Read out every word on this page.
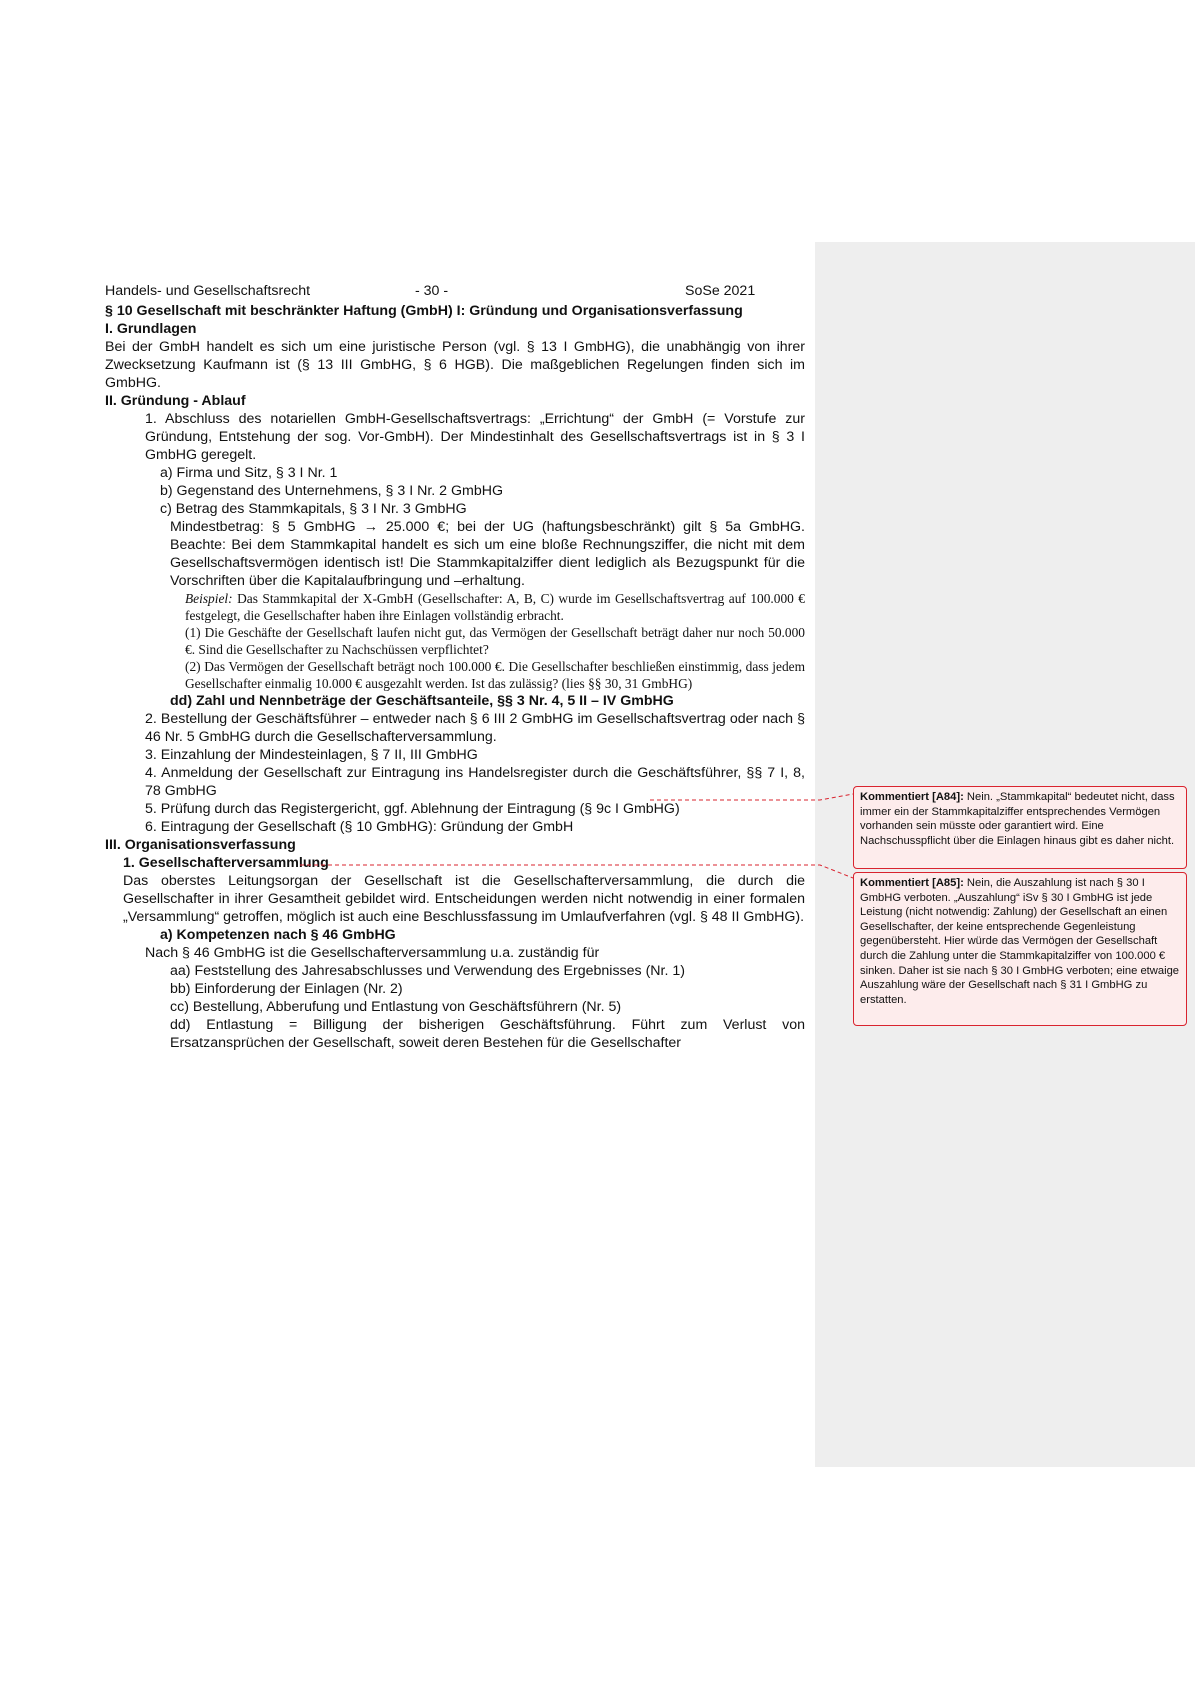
Handels- und Gesellschaftsrecht	- 30 -	SoSe 2021

§ 10 Gesellschaft mit beschränkter Haftung (GmbH) I: Gründung und Organisationsverfassung

I. Grundlagen

Bei der GmbH handelt es sich um eine juristische Person (vgl. § 13 I GmbHG), die unabhängig von ihrer Zwecksetzung Kaufmann ist (§ 13 III GmbHG, § 6 HGB). Die maßgeblichen Regelungen finden sich im GmbHG.

II. Gründung - Ablauf

1. Abschluss des notariellen GmbH-Gesellschaftsvertrags: „Errichtung“ der GmbH (= Vorstufe zur Gründung, Entstehung der sog. Vor-GmbH). Der Mindestinhalt des Gesellschaftsvertrags ist in § 3 I GmbHG geregelt.

a) Firma und Sitz, § 3 I Nr. 1

b) Gegenstand des Unternehmens, § 3 I Nr. 2 GmbHG

c) Betrag des Stammkapitals, § 3 I Nr. 3 GmbHG

Mindestbetrag: § 5 GmbHG → 25.000 €; bei der UG (haftungsbeschränkt) gilt § 5a GmbHG. Beachte: Bei dem Stammkapital handelt es sich um eine bloße Rechnungsziffer, die nicht mit dem Gesellschaftsvermögen identisch ist! Die Stammkapitalziffer dient lediglich als Bezugspunkt für die Vorschriften über die Kapitalaufbringung und –erhaltung.

Beispiel: Das Stammkapital der X-GmbH (Gesellschafter: A, B, C) wurde im Gesellschaftsvertrag auf 100.000 € festgelegt, die Gesellschafter haben ihre Einlagen vollständig erbracht.

(1) Die Geschäfte der Gesellschaft laufen nicht gut, das Vermögen der Gesellschaft beträgt daher nur noch 50.000 €. Sind die Gesellschafter zu Nachschüssen verpflichtet?

(2) Das Vermögen der Gesellschaft beträgt noch 100.000 €. Die Gesellschafter beschließen einstimmig, dass jedem Gesellschafter einmalig 10.000 € ausgezahlt werden. Ist das zulässig? (lies §§ 30, 31 GmbHG)

dd) Zahl und Nennbeträge der Geschäftsanteile, §§ 3 Nr. 4, 5 II – IV GmbHG

2. Bestellung der Geschäftsführer – entweder nach § 6 III 2 GmbHG im Gesellschaftsvertrag oder nach § 46 Nr. 5 GmbHG durch die Gesellschafterversammlung.

3. Einzahlung der Mindesteinlagen, § 7 II, III GmbHG

4. Anmeldung der Gesellschaft zur Eintragung ins Handelsregister durch die Geschäftsführer, §§ 7 I, 8, 78 GmbHG

5. Prüfung durch das Registergericht, ggf. Ablehnung der Eintragung (§ 9c I GmbHG)

6. Eintragung der Gesellschaft (§ 10 GmbHG): Gründung der GmbH

III. Organisationsverfassung

1. Gesellschafterversammlung

Das oberstes Leitungsorgan der Gesellschaft ist die Gesellschafterversammlung, die durch die Gesellschafter in ihrer Gesamtheit gebildet wird. Entscheidungen werden nicht notwendig in einer formalen „Versammlung“ getroffen, möglich ist auch eine Beschlussfassung im Umlaufverfahren (vgl. § 48 II GmbHG).

a) Kompetenzen nach § 46 GmbHG

Nach § 46 GmbHG ist die Gesellschafterversammlung u.a. zuständig für

aa) Feststellung des Jahresabschlusses und Verwendung des Ergebnisses (Nr. 1)

bb) Einforderung der Einlagen (Nr. 2)

cc) Bestellung, Abberufung und Entlastung von Geschäftsführern (Nr. 5)

dd) Entlastung = Billigung der bisherigen Geschäftsführung. Führt zum Verlust von Ersatzansprüchen der Gesellschaft, soweit deren Bestehen für die Gesellschafter

Kommentiert [A84]: Nein. „Stammkapital“ bedeutet nicht, dass immer ein der Stammkapitalziffer entsprechendes Vermögen vorhanden sein müsste oder garantiert wird. Eine Nachschusspflicht über die Einlagen hinaus gibt es daher nicht.
Kommentiert [A85]: Nein, die Auszahlung ist nach § 30 I GmbHG verboten. „Auszahlung“ iSv § 30 I GmbHG ist jede Leistung (nicht notwendig: Zahlung) der Gesellschaft an einen Gesellschafter, der keine entsprechende Gegenleistung gegenübersteht. Hier würde das Vermögen der Gesellschaft durch die Zahlung unter die Stammkapitalziffer von 100.000 € sinken. Daher ist sie nach § 30 I GmbHG verboten; eine etwaige Auszahlung wäre der Gesellschaft nach § 31 I GmbHG zu erstatten.
